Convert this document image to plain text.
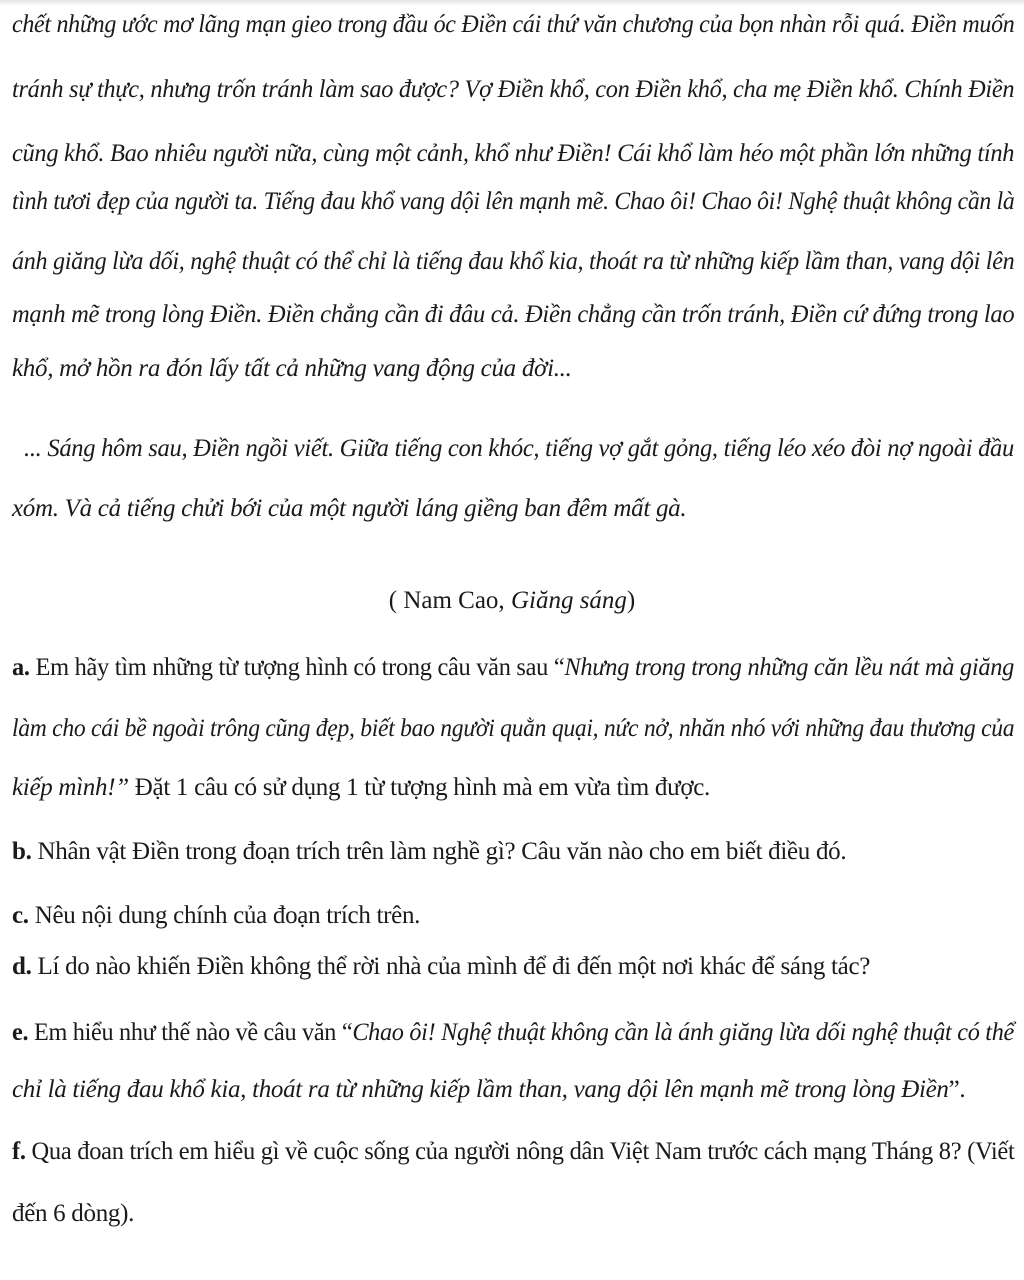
chết những ước mơ lãng mạn gieo trong đầu óc Điền cái thứ văn chương của bọn nhàn rỗi quá. Điền muốn
tránh sự thực, nhưng trốn tránh làm sao được? Vợ Điền khổ, con Điền khổ, cha mẹ Điền khổ. Chính Điền
cũng khổ. Bao nhiêu người nữa, cùng một cảnh, khổ như Điền! Cái khổ làm héo một phần lớn những tính
tình tươi đẹp của người ta. Tiếng đau khổ vang dội lên mạnh mẽ. Chao ôi! Chao ôi! Nghệ thuật không cần là
ánh giăng lừa dối, nghệ thuật có thể chỉ là tiếng đau khổ kia, thoát ra từ những kiếp lầm than, vang dội lên
mạnh mẽ trong lòng Điền. Điền chẳng cần đi đâu cả. Điền chẳng cần trốn tránh, Điền cứ đứng trong lao
khổ, mở hồn ra đón lấy tất cả những vang động của đời...
... Sáng hôm sau, Điền ngồi viết. Giữa tiếng con khóc, tiếng vợ gắt gỏng, tiếng léo xéo đòi nợ ngoài đầu
xóm. Và cả tiếng chửi bới của một người láng giềng ban đêm mất gà.
( Nam Cao, Giăng sáng)
a. Em hãy tìm những từ tượng hình có trong câu văn sau “Nhưng trong trong những căn lều nát mà giăng
làm cho cái bề ngoài trông cũng đẹp, biết bao người quằn quại, nức nở, nhăn nhó với những đau thương của
kiếp mình!” Đặt 1 câu có sử dụng 1 từ tượng hình mà em vừa tìm được.
b. Nhân vật Điền trong đoạn trích trên làm nghề gì? Câu văn nào cho em biết điều đó.
c. Nêu nội dung chính của đoạn trích trên.
d. Lí do nào khiến Điền không thể rời nhà của mình để đi đến một nơi khác để sáng tác?
e. Em hiểu như thế nào về câu văn “Chao ôi! Nghệ thuật không cần là ánh giăng lừa dối nghệ thuật có thể
chỉ là tiếng đau khổ kia, thoát ra từ những kiếp lầm than, vang dội lên mạnh mẽ trong lòng Điền”.
f. Qua đoan trích em hiểu gì về cuộc sống của người nông dân Việt Nam trước cách mạng Tháng 8? (Viết
đến 6 dòng).
